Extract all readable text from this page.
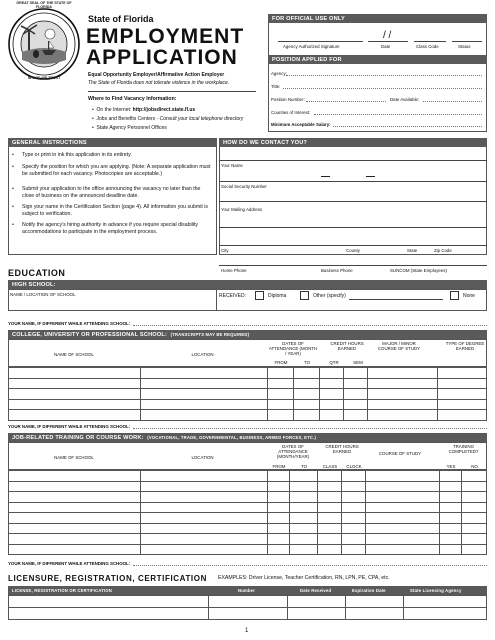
GREAT SEAL OF THE STATE OF FLORIDA
IN GOD WE TRUST
State of Florida
EMPLOYMENT
APPLICATION
Equal Opportunity Employer/Affirmative Action Employer
The State of Florida does not tolerate violence in the workplace.
Where to Find Vacancy Information:
•  On the Internet: http://jobsdirect.state.fl.us
•  Jobs and Benefits Centers - Consult your local telephone directory
•  State Agency Personnel Offices
FOR OFFICIAL USE ONLY
/ /
Agency Authorized Signature	Date	Class Code	Status
POSITION APPLIED FOR
Agency:
Title:
Position Number:	Date Available:
Counties of Interest:
Minimum Acceptable Salary:
GENERAL INSTRUCTIONS
•	Type or print in ink this application in its entirety.
•	Specify the position for which you are applying. (Note: A separate application must be submitted for each vacancy. Photocopies are acceptable.)
•	Submit your application to the office announcing the vacancy no later than the close of business on the announced deadline date.
•	Sign your name in the Certification Section (page 4). All information you submit is subject to verification.
•	Notify the agency's hiring authority in advance if you require special disability accommodations to participate in the employment process.
HOW DO WE CONTACT YOU?
Your Name
Social Security Number
Your Mailing Address
City	County	State	Zip Code
Home Phone	Business Phone	SUNCOM (State Employees)
EDUCATION
HIGH SCHOOL:
NAME / LOCATION OF SCHOOL	RECEIVED:	Diploma	Other (specify)	None
YOUR NAME, IF DIFFERENT WHILE ATTENDING SCHOOL:
COLLEGE, UNIVERSITY OR PROFESSIONAL SCHOOL:
(TRANSCRIPTS MAY BE REQUIRED)
NAME OF SCHOOL	LOCATION
DATES OF ATTENDANCE (MONTH / YEAR)
CREDIT HOURS EARNED
MAJOR / MINOR COURSE OF STUDY
TYPE OF DEGREE EARNED
FROM	TO	QTR	SEM

YOUR NAME, IF DIFFERENT WHILE ATTENDING SCHOOL:
JOB-RELATED TRAINING OR COURSE WORK:
(VOCATIONAL, TRADE, GOVERNMENTAL, BUSINESS, ARMED FORCES, ETC.)
NAME OF SCHOOL	LOCATION
DATES OF ATTENDANCE (MONTH/YEAR)
CREDIT HOURS EARNED	COURSE OF STUDY
TRAINING COMPLETED?
FROM	TO	CLASS	CLOCK	YES	NO

YOUR NAME, IF DIFFERENT WHILE ATTENDING SCHOOL:
LICENSURE, REGISTRATION, CERTIFICATION EXAMPLES: Driver License, Teacher Certification, RN, LPN, PE, CPA, etc.
LICENSE, REGISTRATION OR CERTIFICATION	Number	Date Received	Expiration Date	State Licensing Agency

1
